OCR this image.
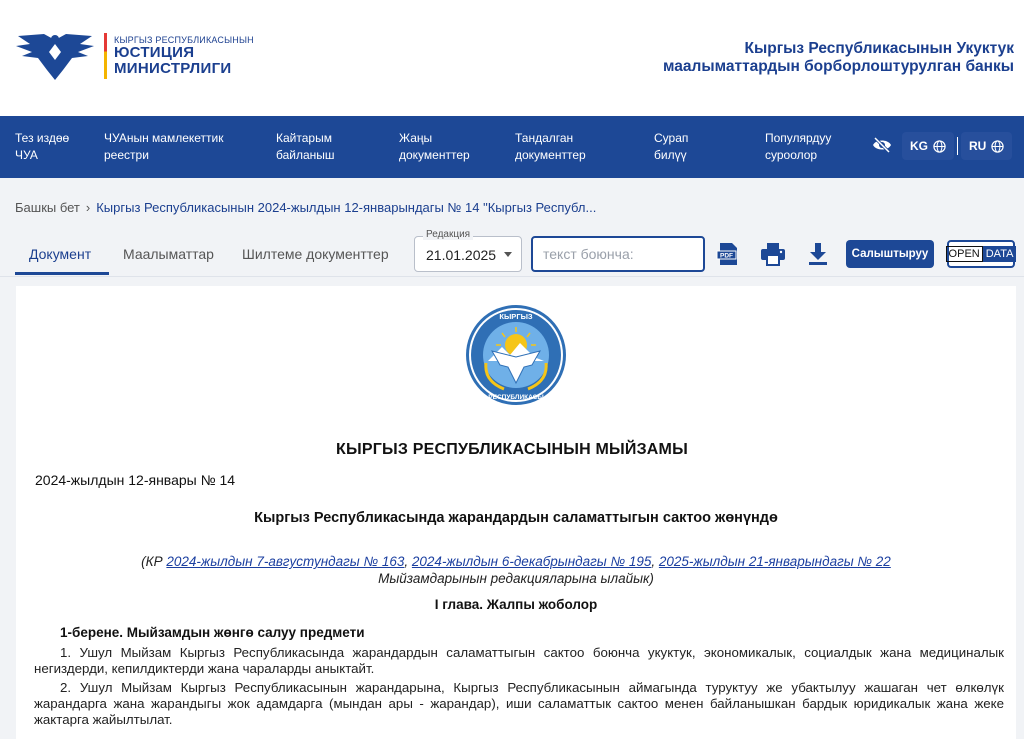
КЫРГЫЗ РЕСПУБЛИКАСЫНЫН
ЮСТИЦИЯ
МИНИСТРЛИГИ
Кыргыз Республикасынын Укуктук
маалыматтардын борборлоштурулган банкы
Тез издөө
ЧУА
ЧУАнын мамлекеттик
реестри
Кайтарым
байланыш
Жаңы
документтер
Тандалган
документтер
Сурап
билүү
Популярдуу
суроолор
KG	RU
Башкы бет › Кыргыз Республикасынын 2024-жылдын 12-январындагы № 14 "Кыргыз Республ...
Документ Маалыматтар Шилтеме документтер
Редакция
21.01.2025
текст боюнча:	PDF	Салыштыруу	OPEN DATA
КЫРГЫЗ
РЕСПУБЛИКАСЫ
КЫРГЫЗ РЕСПУБЛИКАСЫНЫН МЫЙЗАМЫ
2024-жылдын 12-январы № 14
Кыргыз Республикасында жарандардын саламаттыгын сактоо жөнүндө
(КР 2024-жылдын 7-августундагы № 163, 2024-жылдын 6-декабрындагы № 195, 2025-жылдын 21-январындагы № 22
Мыйзамдарынын редакцияларына ылайык)
I глава. Жалпы жоболор
1-берене. Мыйзамдын жөнгө салуу предмети
1. Ушул Мыйзам Кыргыз Республикасында жарандардын саламаттыгын сактоо боюнча укуктук, экономикалык, социалдык жана медициналык негиздерди, кепилдиктерди жана чараларды аныктайт.
2. Ушул Мыйзам Кыргыз Республикасынын жарандарына, Кыргыз Республикасынын аймагында туруктуу же убактылуу жашаган чет өлкөлүк жарандарга жана жарандыгы жок адамдарга (мындан ары - жарандар), иши саламаттык сактоо менен байланышкан бардык юридикалык жана жеке жактарга жайылтылат.
